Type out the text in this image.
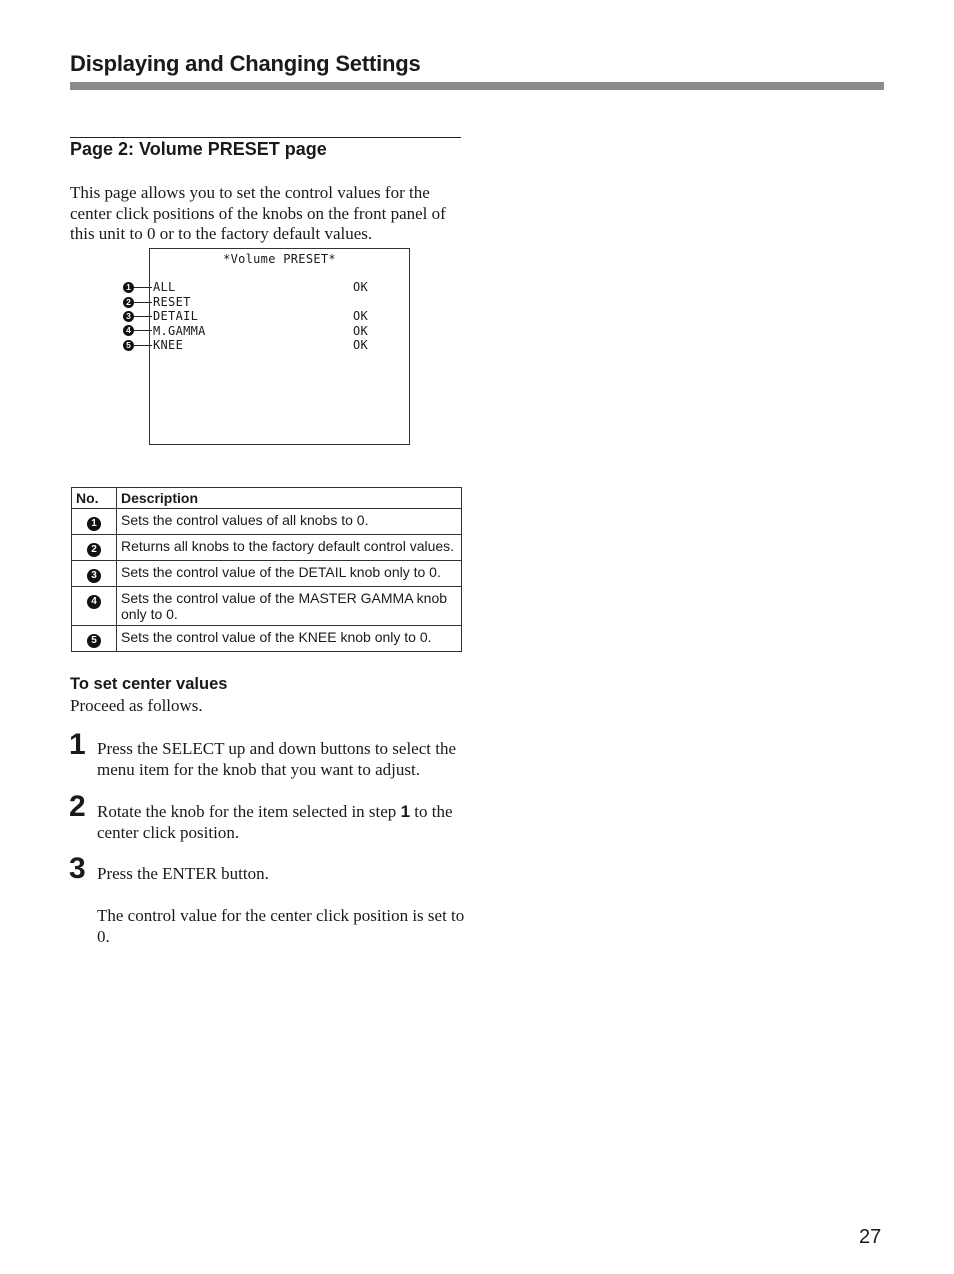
Displaying and Changing Settings
Page 2: Volume PRESET page
This page allows you to set the control values for the center click positions of the knobs on the front panel of this unit to 0 or to the factory default values.
1
2
3
4
5
*Volume PRESET*
ALL	OK
RESET
DETAIL	OK
M.GAMMA	OK
KNEE	OK
No.	Description
1	Sets the control values of all knobs to 0.
2	Returns all knobs to the factory default control values.
3	Sets the control value of the DETAIL knob only to 0.
4	Sets the control value of the MASTER GAMMA knob only to 0.
5	Sets the control value of the KNEE knob only to 0.
To set center values
Proceed as follows.
1 Press the SELECT up and down buttons to select the menu item for the knob that you want to adjust.
2 Rotate the knob for the item selected in step 1 to the center click position.
3 Press the ENTER button.
The control value for the center click position is set to 0.
27
